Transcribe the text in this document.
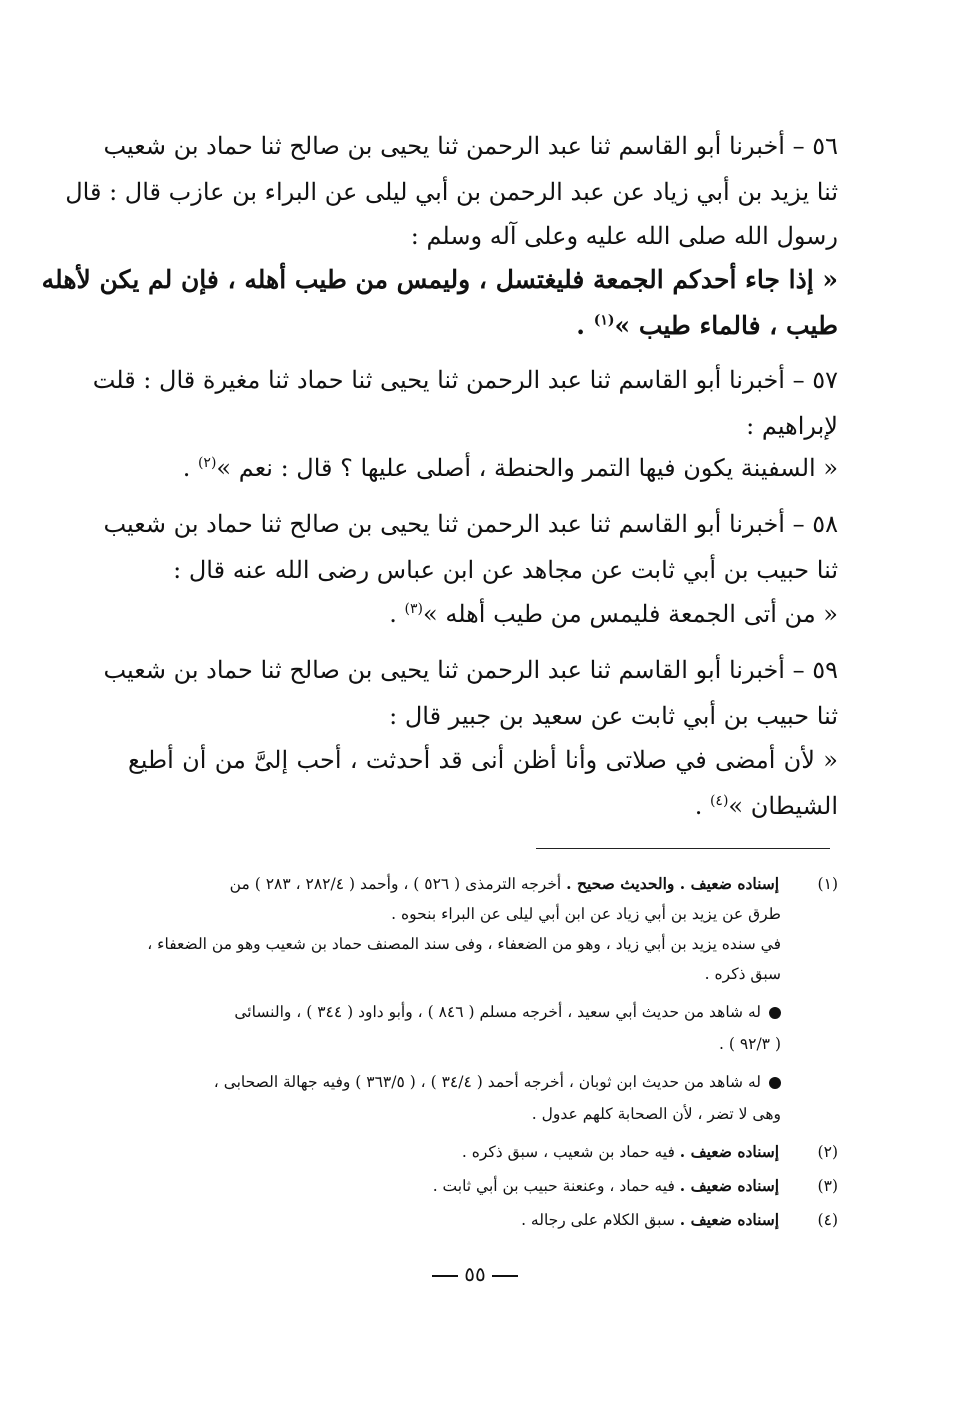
٥٦ – أخبرنا أبو القاسم ثنا عبد الرحمن ثنا يحيى بن صالح ثنا حماد بن شعيب
ثنا يزيد بن أبي زياد عن عبد الرحمن بن أبي ليلى عن البراء بن عازب قال : قال
رسول الله صلى الله عليه وعلى آله وسلم :
« إذا جاء أحدكم الجمعة فليغتسل ، وليمس من طيب أهله ، فإن لم يكن لأهله
طيب ، فالماء طيب »$^{(١)}$ .
٥٧ – أخبرنا أبو القاسم ثنا عبد الرحمن ثنا يحيى ثنا حماد ثنا مغيرة قال : قلت
لإبراهيم :
« السفينة يكون فيها التمر والحنطة ، أصلى عليها ؟ قال : نعم »$^{(٢)}$ .
٥٨ – أخبرنا أبو القاسم ثنا عبد الرحمن ثنا يحيى بن صالح ثنا حماد بن شعيب
ثنا حبيب بن أبي ثابت عن مجاهد عن ابن عباس رضى الله عنه قال :
« من أتى الجمعة فليمس من طيب أهله »$^{(٣)}$ .
٥٩ – أخبرنا أبو القاسم ثنا عبد الرحمن ثنا يحيى بن صالح ثنا حماد بن شعيب
ثنا حبيب بن أبي ثابت عن سعيد بن جبير قال :
« لأن أمضى في صلاتى وأنا أظن أنى قد أحدثت ، أحب إلىَّ من أن أطيع
الشيطان »$^{(٤)}$ .
(١) إسناده ضعيف . والحديث صحيح . أخرجه الترمذى ( ٥٢٦ ) ، وأحمد ( ٢٨٢/٤ ، ٢٨٣ ) من
طرق عن يزيد بن أبي زياد عن ابن أبي ليلى عن البراء بنحوه .
في سنده يزيد بن أبي زياد ، وهو من الضعفاء ، وفى سند المصنف حماد بن شعيب وهو من الضعفاء ،
سبق ذكره .
له شاهد من حديث أبي سعيد ، أخرجه مسلم ( ٨٤٦ ) ، وأبو داود ( ٣٤٤ ) ، والنسائى
( ٩٢/٣ ) .
له شاهد من حديث ابن ثوبان ، أخرجه أحمد ( ٣٤/٤ ) ، ( ٣٦٣/٥ ) وفيه جهالة الصحابى ،
وهى لا تضر ، لأن الصحابة كلهم عدول .
(٢) إسناده ضعيف . فيه حماد بن شعيب ، سبق ذكره .
(٣) إسناده ضعيف . فيه حماد ، وعنعنة حبيب بن أبي ثابت .
(٤) إسناده ضعيف . سبق الكلام على رجاله .
٥٥
